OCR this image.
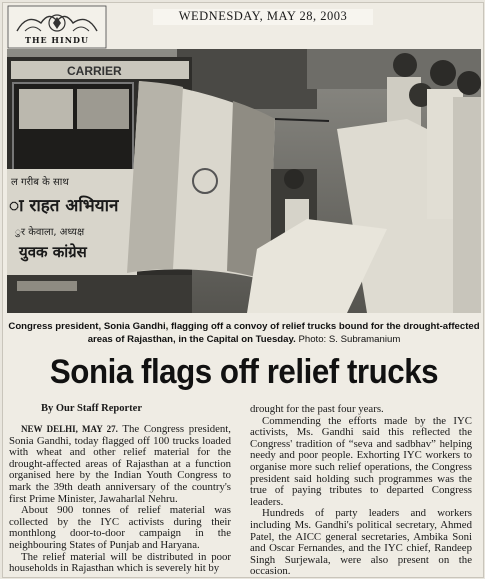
THE HINDU
WEDNESDAY, MAY 28, 2003
CARRIER
ल गरीब के साथ
ा राहत अभियान
ुर केवाला, अध्यक्ष
युवक कांग्रेस
Congress president, Sonia Gandhi, flagging off a convoy of relief trucks bound for the drought-affected areas of Rajasthan, in the Capital on Tuesday. Photo: S. Subramanium
Sonia flags off relief trucks
By Our Staff Reporter

NEW DELHI, MAY 27. The Congress president, Sonia Gandhi, today flagged off 100 trucks loaded with wheat and other relief material for the drought-affected areas of Rajasthan at a function organised here by the Indian Youth Congress to mark the 39th death anniversary of the country's first Prime Minister, Jawaharlal Nehru.

About 900 tonnes of relief material was collected by the IYC activists during their monthlong door-to-door campaign in the neighbouring States of Punjab and Haryana.

The relief material will be distributed in poor households in Rajasthan which is severely hit by

drought for the past four years.

Commending the efforts made by the IYC activists, Ms. Gandhi said this reflected the Congress' tradition of “seva and sadbhav” helping needy and poor people. Exhorting IYC workers to organise more such relief operations, the Congress president said holding such programmes was the true of paying tributes to departed Congress leaders.

Hundreds of party leaders and workers including Ms. Gandhi's political secretary, Ahmed Patel, the AICC general secretaries, Ambika Soni and Oscar Fernandes, and the IYC chief, Randeep Singh Surjewala, were also present on the occasion.
